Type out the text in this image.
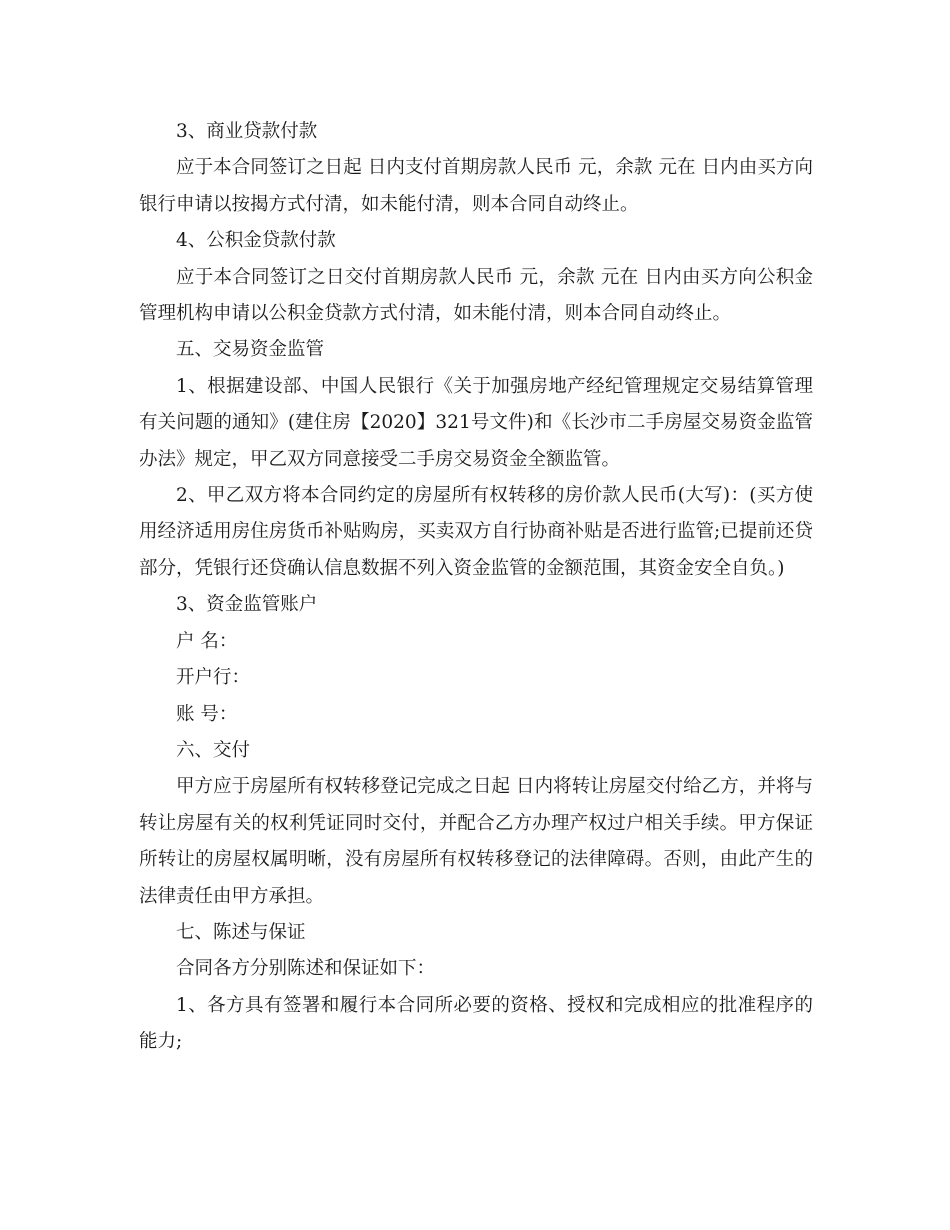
3、商业贷款付款

应于本合同签订之日起 日内支付首期房款人民币 元，余款 元在 日内由买方向银行申请以按揭方式付清，如未能付清，则本合同自动终止。

4、公积金贷款付款

应于本合同签订之日交付首期房款人民币 元，余款 元在 日内由买方向公积金管理机构申请以公积金贷款方式付清，如未能付清，则本合同自动终止。

五、交易资金监管

1、根据建设部、中国人民银行《关于加强房地产经纪管理规定交易结算管理有关问题的通知》(建住房【2020】321号文件)和《长沙市二手房屋交易资金监管办法》规定，甲乙双方同意接受二手房交易资金全额监管。

2、甲乙双方将本合同约定的房屋所有权转移的房价款人民币(大写)：(买方使用经济适用房住房货币补贴购房，买卖双方自行协商补贴是否进行监管;已提前还贷部分，凭银行还贷确认信息数据不列入资金监管的金额范围，其资金安全自负。)

3、资金监管账户

户 名：

开户行：

账 号：

六、交付

甲方应于房屋所有权转移登记完成之日起 日内将转让房屋交付给乙方，并将与转让房屋有关的权利凭证同时交付，并配合乙方办理产权过户相关手续。甲方保证所转让的房屋权属明晰，没有房屋所有权转移登记的法律障碍。否则，由此产生的法律责任由甲方承担。

七、陈述与保证

合同各方分别陈述和保证如下：

1、各方具有签署和履行本合同所必要的资格、授权和完成相应的批准程序的能力;
